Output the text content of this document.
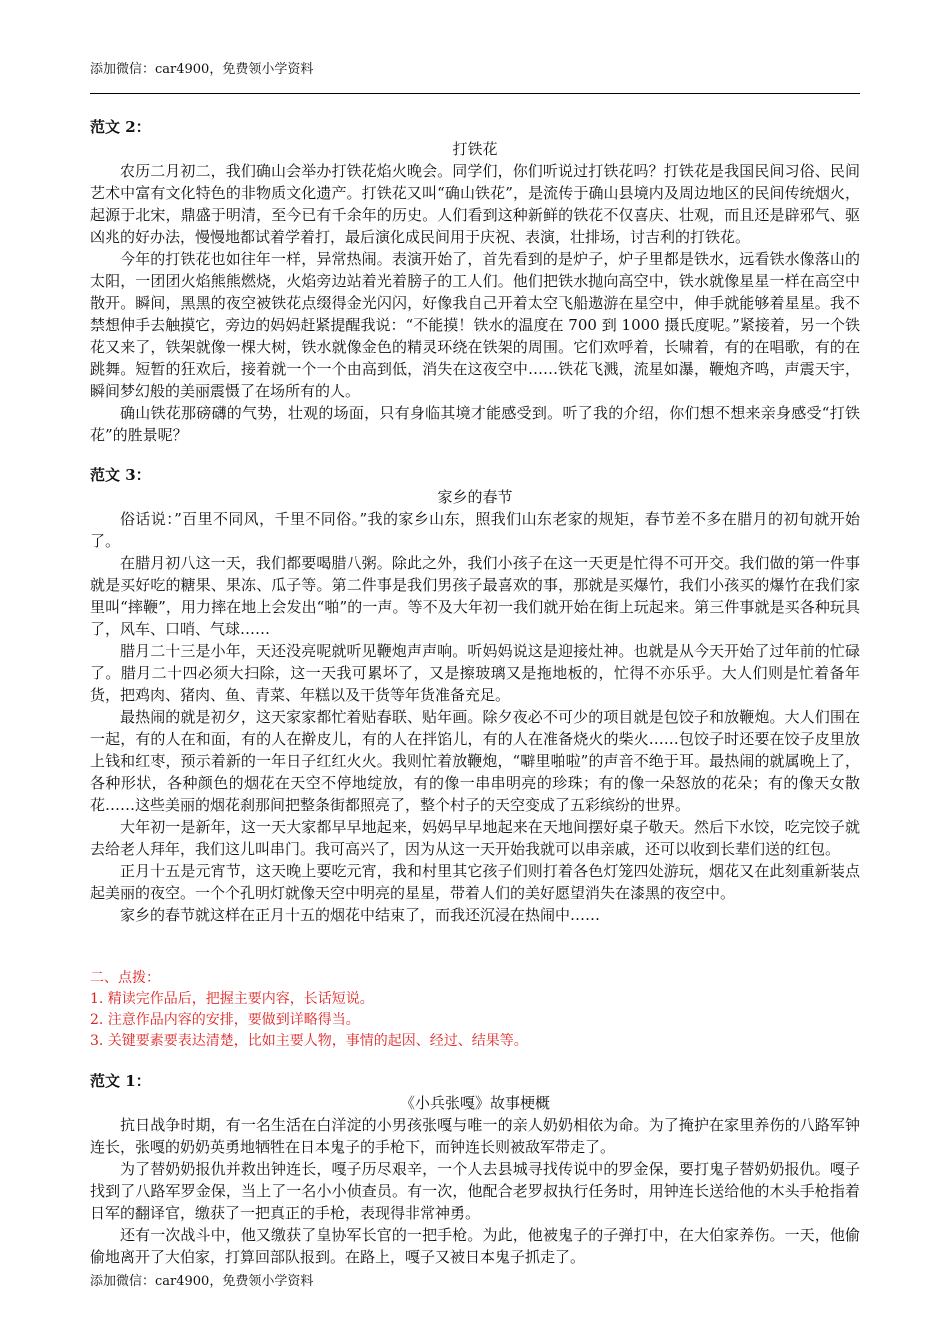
添加微信：car4900，免费领小学资料

范文 2：

打铁花

农历二月初二，我们确山会举办打铁花焰火晚会。同学们，你们听说过打铁花吗？打铁花是我国民间习俗、民间艺术中富有文化特色的非物质文化遗产。打铁花又叫“确山铁花”，是流传于确山县境内及周边地区的民间传统烟火，起源于北宋，鼎盛于明清，至今已有千余年的历史。人们看到这种新鲜的铁花不仅喜庆、壮观，而且还是辟邪气、驱凶兆的好办法，慢慢地都试着学着打，最后演化成民间用于庆祝、表演，壮排场，讨吉利的打铁花。

今年的打铁花也如往年一样，异常热闹。表演开始了，首先看到的是炉子，炉子里都是铁水，远看铁水像落山的太阳，一团团火焰熊熊燃烧，火焰旁边站着光着膀子的工人们。他们把铁水抛向高空中，铁水就像星星一样在高空中散开。瞬间，黑黑的夜空被铁花点缀得金光闪闪，好像我自己开着太空飞船遨游在星空中，伸手就能够着星星。我不禁想伸手去触摸它，旁边的妈妈赶紧提醒我说：“不能摸！铁水的温度在 700 到 1000 摄氏度呢。”紧接着，另一个铁花又来了，铁架就像一棵大树，铁水就像金色的精灵环绕在铁架的周围。它们欢呼着，长啸着，有的在唱歌，有的在跳舞。短暂的狂欢后，接着就一个一个由高到低，消失在这夜空中……铁花飞溅，流星如瀑，鞭炮齐鸣，声震天宇，瞬间梦幻般的美丽震慑了在场所有的人。

确山铁花那磅礴的气势，壮观的场面，只有身临其境才能感受到。听了我的介绍，你们想不想来亲身感受“打铁花”的胜景呢？

范文 3：

家乡的春节

俗话说：”百里不同风，千里不同俗。”我的家乡山东，照我们山东老家的规矩，春节差不多在腊月的初旬就开始了。

在腊月初八这一天，我们都要喝腊八粥。除此之外，我们小孩子在这一天更是忙得不可开交。我们做的第一件事就是买好吃的糖果、果冻、瓜子等。第二件事是我们男孩子最喜欢的事，那就是买爆竹，我们小孩买的爆竹在我们家里叫“摔鞭”，用力摔在地上会发出“啪”的一声。等不及大年初一我们就开始在街上玩起来。第三件事就是买各种玩具了，风车、口哨、气球……

腊月二十三是小年，天还没亮呢就听见鞭炮声声响。听妈妈说这是迎接灶神。也就是从今天开始了过年前的忙碌了。腊月二十四必须大扫除，这一天我可累坏了，又是擦玻璃又是拖地板的，忙得不亦乐乎。大人们则是忙着备年货，把鸡肉、猪肉、鱼、青菜、年糕以及干货等年货准备充足。

最热闹的就是初夕，这天家家都忙着贴春联、贴年画。除夕夜必不可少的项目就是包饺子和放鞭炮。大人们围在一起，有的人在和面，有的人在擀皮儿，有的人在拌馅儿，有的人在准备烧火的柴火……包饺子时还要在饺子皮里放上钱和红枣，预示着新的一年日子红红火火。我则忙着放鞭炮，“噼里啪啦”的声音不绝于耳。最热闹的就属晚上了，各种形状，各种颜色的烟花在天空不停地绽放，有的像一串串明亮的珍珠；有的像一朵怒放的花朵；有的像天女散花……这些美丽的烟花刹那间把整条街都照亮了，整个村子的天空变成了五彩缤纷的世界。

大年初一是新年，这一天大家都早早地起来，妈妈早早地起来在天地间摆好桌子敬天。然后下水饺，吃完饺子就去给老人拜年，我们这儿叫串门。我可高兴了，因为从这一天开始我就可以串亲戚，还可以收到长辈们送的红包。

正月十五是元宵节，这天晚上要吃元宵，我和村里其它孩子们则打着各色灯笼四处游玩，烟花又在此刻重新装点起美丽的夜空。一个个孔明灯就像天空中明亮的星星，带着人们的美好愿望消失在漆黑的夜空中。

家乡的春节就这样在正月十五的烟花中结束了，而我还沉浸在热闹中……

二、点拨：

1. 精读完作品后，把握主要内容，长话短说。

2. 注意作品内容的安排，要做到详略得当。

3. 关键要素要表达清楚，比如主要人物，事情的起因、经过、结果等。

范文 1：

《小兵张嘎》故事梗概

抗日战争时期，有一名生活在白洋淀的小男孩张嘎与唯一的亲人奶奶相依为命。为了掩护在家里养伤的八路军钟连长，张嘎的奶奶英勇地牺牲在日本鬼子的手枪下，而钟连长则被敌军带走了。

为了替奶奶报仇并救出钟连长，嘎子历尽艰辛，一个人去县城寻找传说中的罗金保，要打鬼子替奶奶报仇。嘎子找到了八路军罗金保，当上了一名小小侦查员。有一次，他配合老罗叔执行任务时，用钟连长送给他的木头手枪指着日军的翻译官，缴获了一把真正的手枪，表现得非常神勇。

还有一次战斗中，他又缴获了皇协军长官的一把手枪。为此，他被鬼子的子弹打中，在大伯家养伤。一天，他偷偷地离开了大伯家，打算回部队报到。在路上，嘎子又被日本鬼子抓走了。

添加微信：car4900，免费领小学资料
